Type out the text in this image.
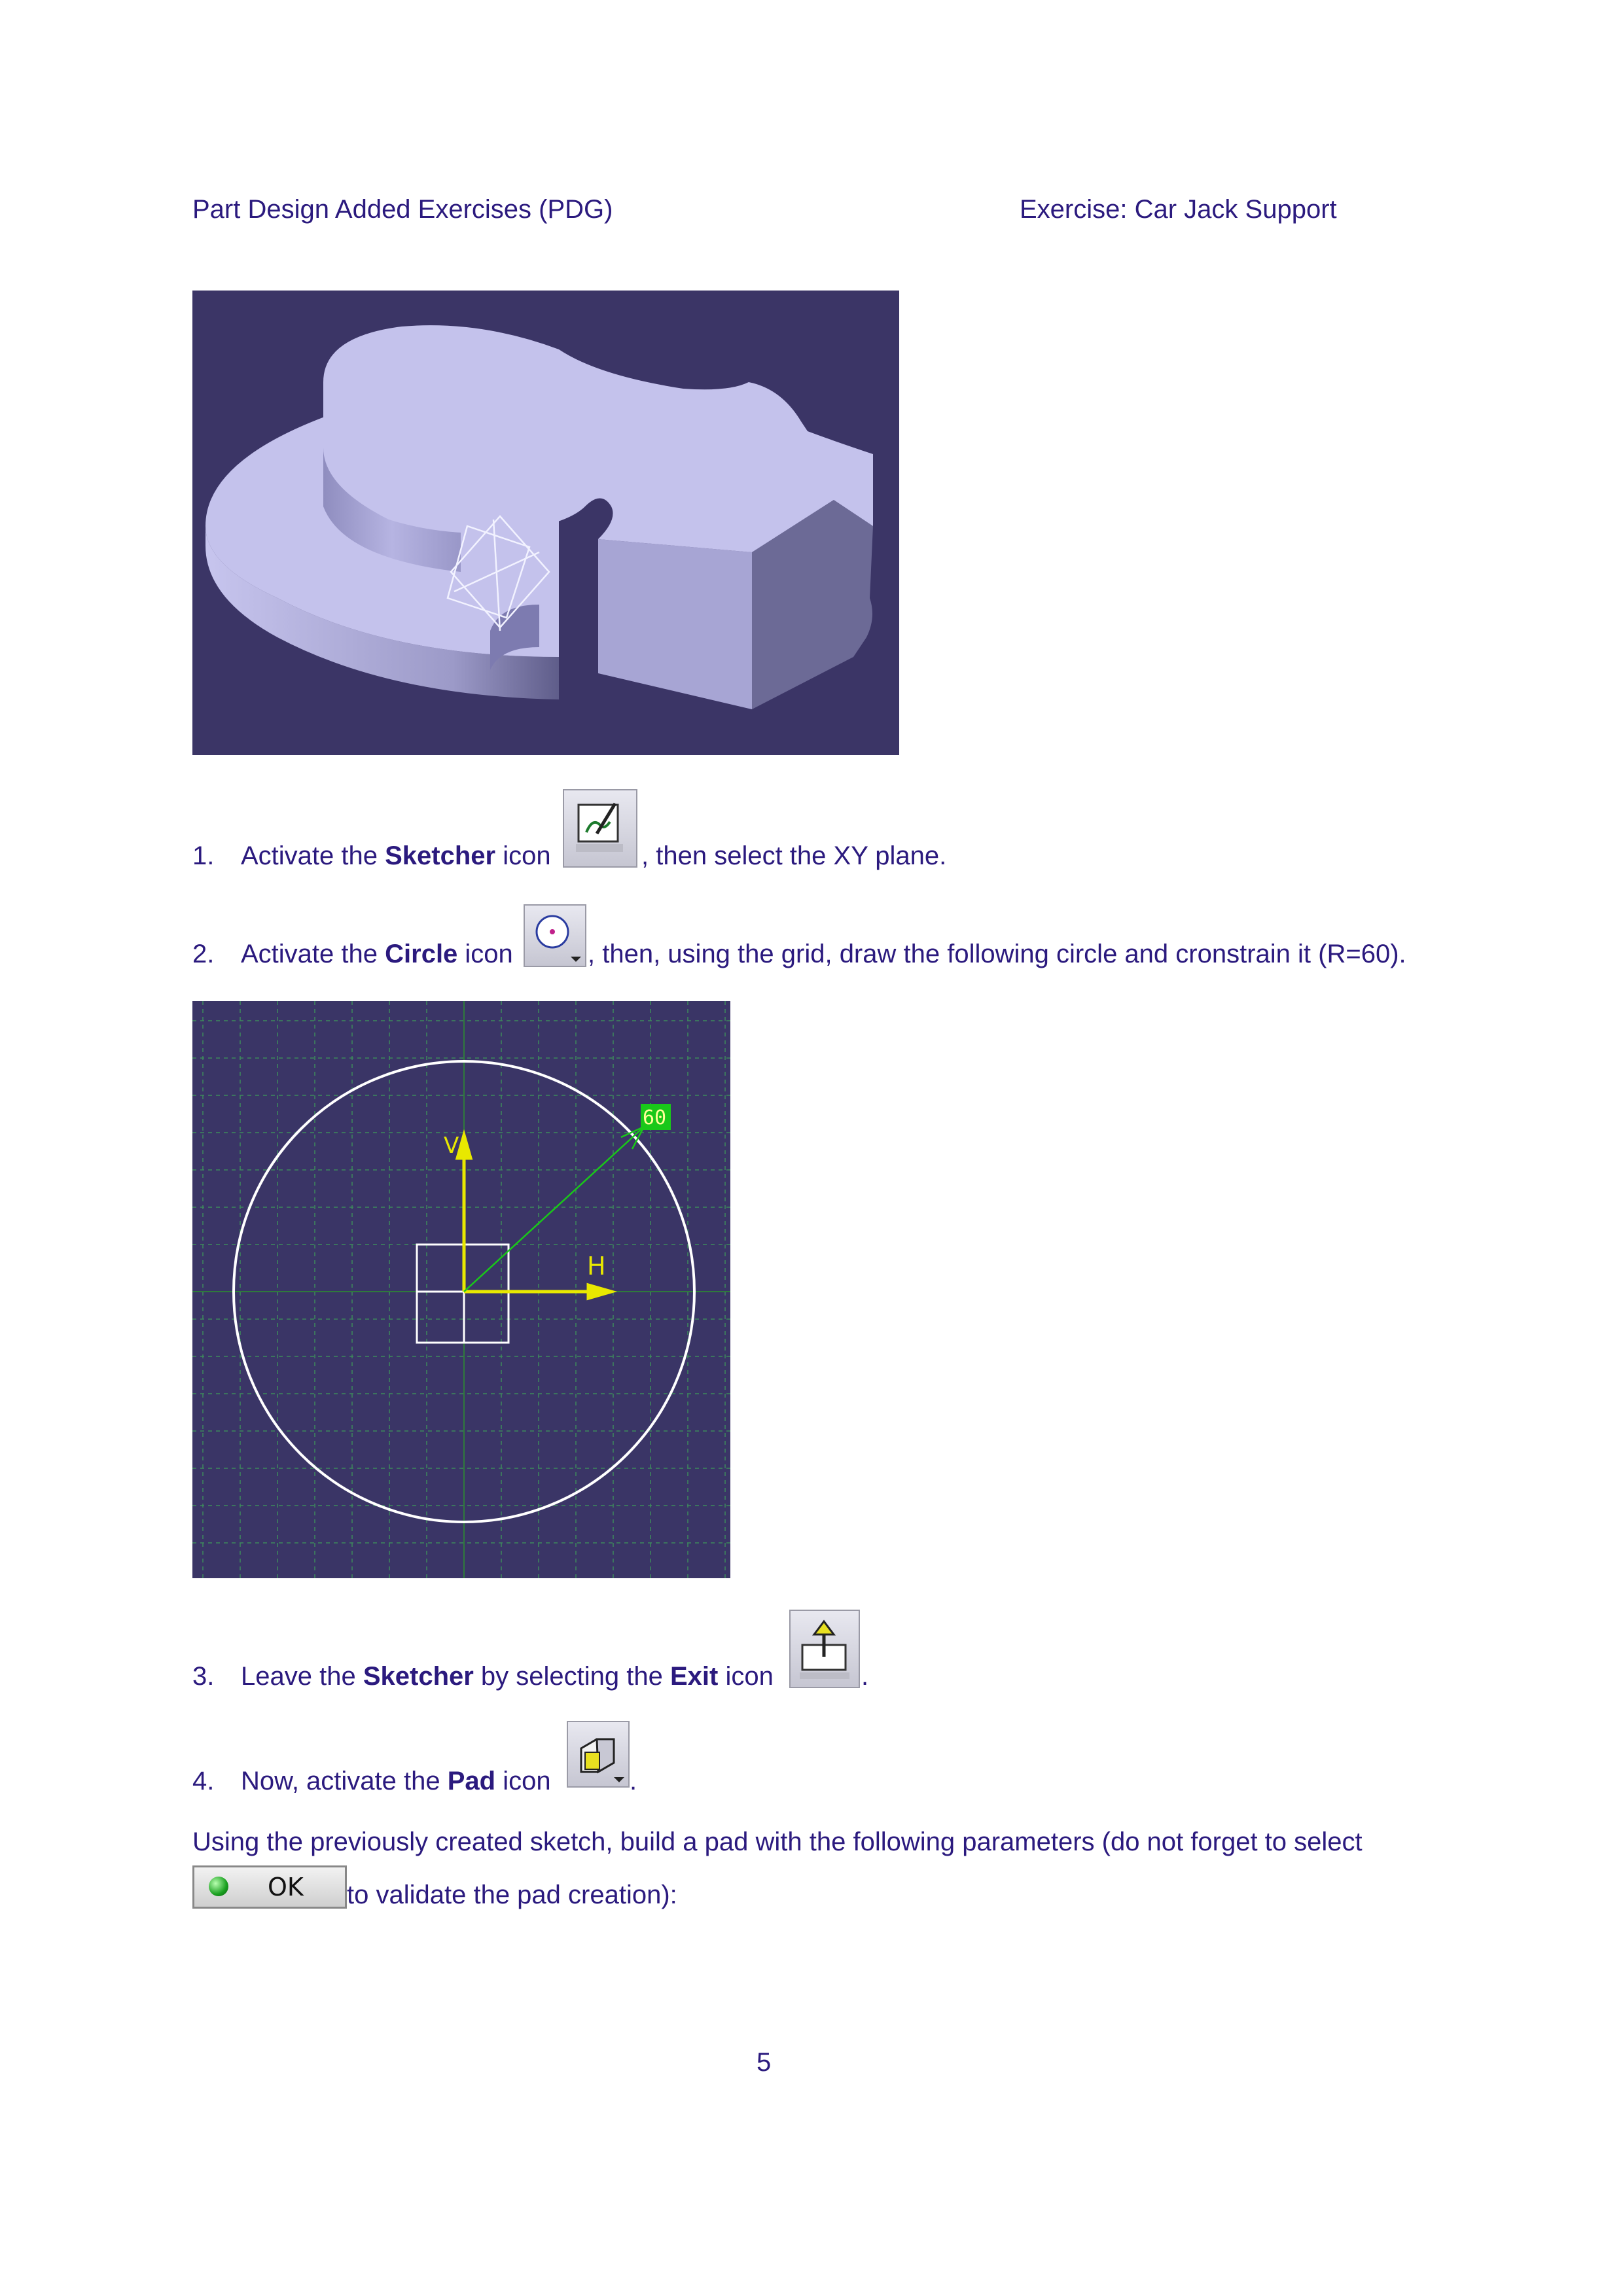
Part Design Added Exercises (PDG)	Exercise: Car Jack Support
1. Activate the Sketcher icon	, then select the XY plane.
2. Activate the Circle icon	, then, using the grid, draw the following circle and cronstrain it (R=60).
60
H
V
3. Leave the Sketcher by selecting the Exit icon	.
4. Now, activate the Pad icon	.
Using the previously created sketch, build a pad with the following parameters (do not forget to select
OK to validate the pad creation):
5
